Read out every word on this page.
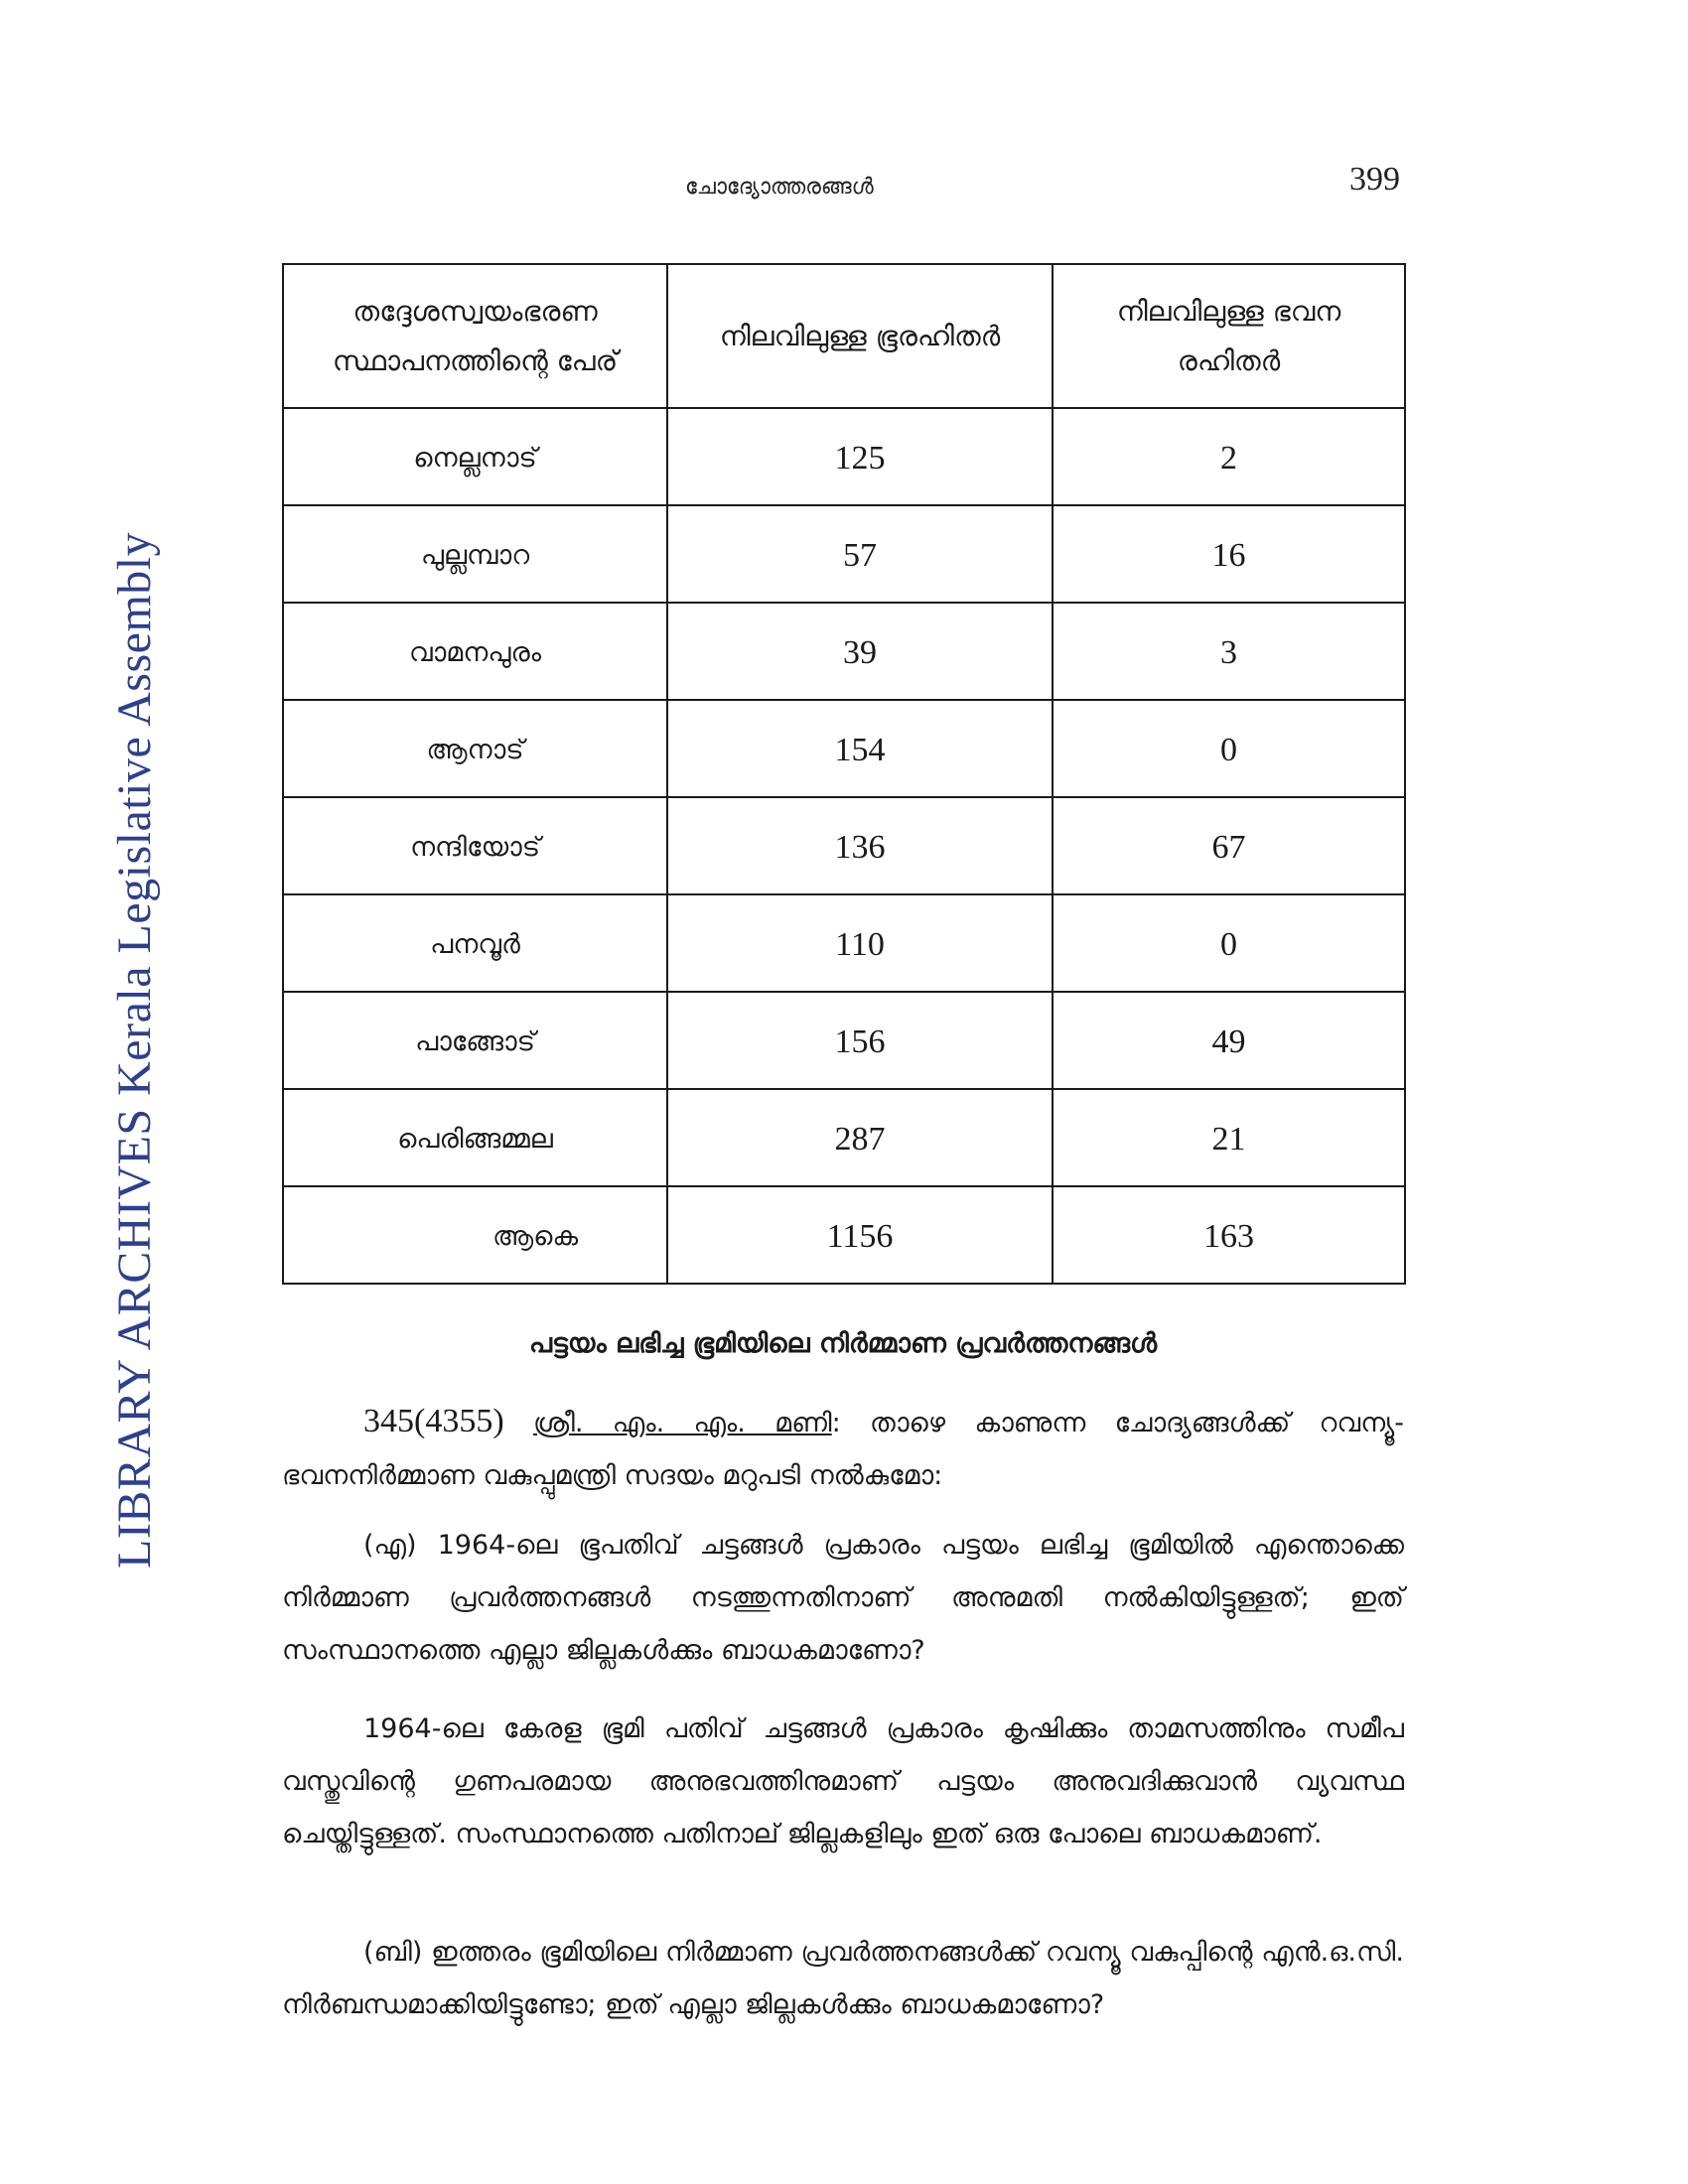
ചോദ്യോത്തരങ്ങൾ	399
LIBRARY ARCHIVES Kerala Legislative Assembly
തദ്ദേശസ്വയംഭരണ സ്ഥാപനത്തിന്റെ പേര്	നിലവിലുള്ള ഭൂരഹിതർ	നിലവിലുള്ള ഭവന രഹിതർ
നെല്ലനാട്	125	2
പുല്ലമ്പാറ	57	16
വാമനപുരം	39	3
ആനാട്	154	0
നന്ദിയോട്	136	67
പനവൂർ	110	0
പാങ്ങോട്	156	49
പെരിങ്ങമ്മല	287	21
ആകെ	1156	163
പട്ടയം ലഭിച്ച ഭൂമിയിലെ നിർമ്മാണ പ്രവർത്തനങ്ങൾ

345(4355) ശ്രീ. എം. എം. മണി: താഴെ കാണുന്ന ചോദ്യങ്ങൾക്ക് റവന്യൂ-ഭവനനിർമ്മാണ വകുപ്പുമന്ത്രി സദയം മറുപടി നൽകുമോ:

(എ) 1964-ലെ ഭൂപതിവ് ചട്ടങ്ങൾ പ്രകാരം പട്ടയം ലഭിച്ച ഭൂമിയിൽ എന്തൊക്കെ നിർമ്മാണ പ്രവർത്തനങ്ങൾ നടത്തുന്നതിനാണ് അനുമതി നൽകിയിട്ടുള്ളത്; ഇത് സംസ്ഥാനത്തെ എല്ലാ ജില്ലകൾക്കും ബാധകമാണോ?

1964-ലെ കേരള ഭൂമി പതിവ് ചട്ടങ്ങൾ പ്രകാരം കൃഷിക്കും താമസത്തിനും സമീപ വസ്തുവിന്റെ ഗുണപരമായ അനുഭവത്തിനുമാണ് പട്ടയം അനുവദിക്കുവാൻ വ്യവസ്ഥ ചെയ്തിട്ടുള്ളത്. സംസ്ഥാനത്തെ പതിനാല് ജില്ലകളിലും ഇത് ഒരു പോലെ ബാധകമാണ്.

(ബി) ഇത്തരം ഭൂമിയിലെ നിർമ്മാണ പ്രവർത്തനങ്ങൾക്ക് റവന്യൂ വകുപ്പിന്റെ എൻ.ഒ.സി. നിർബന്ധമാക്കിയിട്ടുണ്ടോ; ഇത് എല്ലാ ജില്ലകൾക്കും ബാധകമാണോ?
